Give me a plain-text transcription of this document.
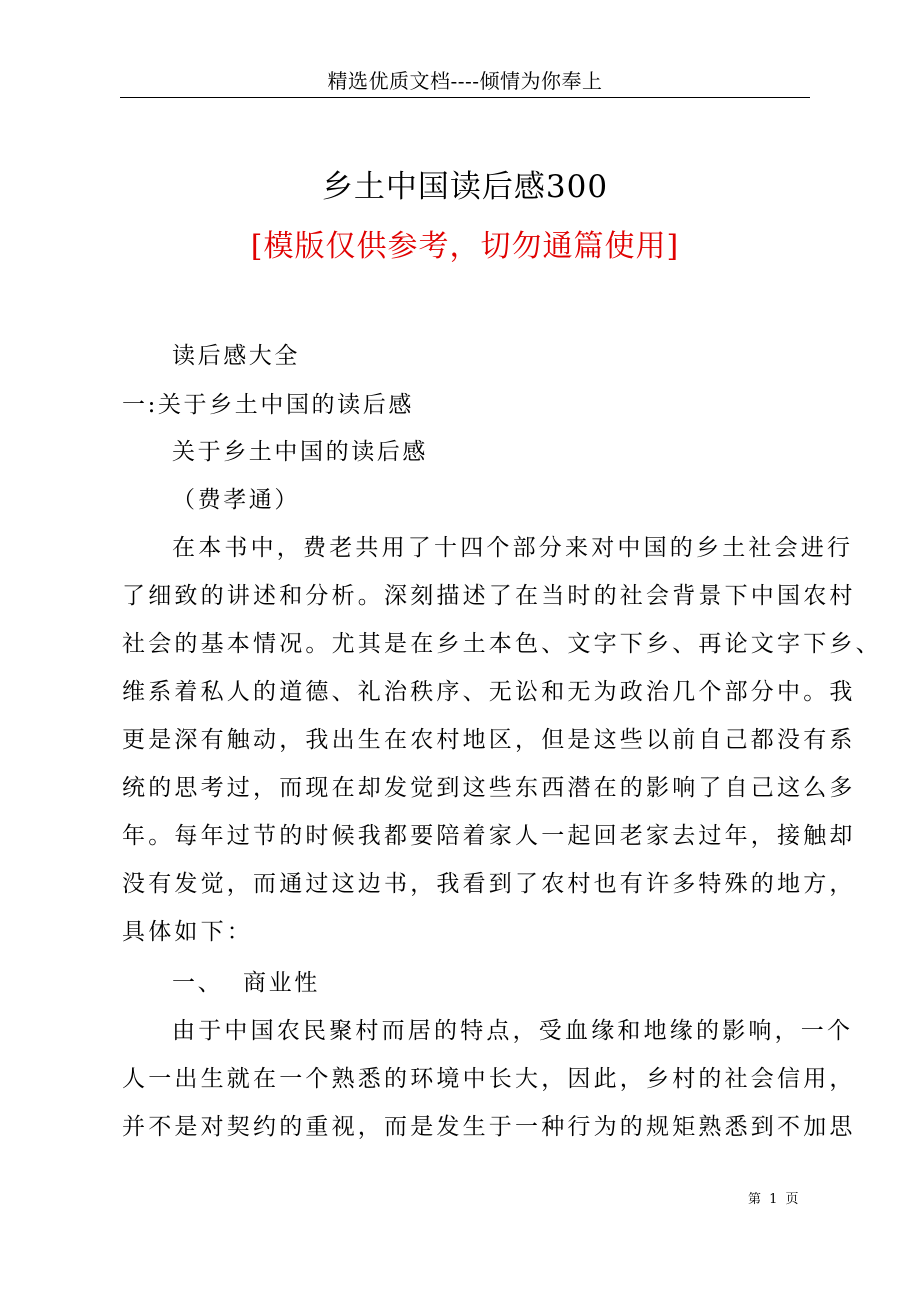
精选优质文档----倾情为你奉上
乡土中国读后感300
[模版仅供参考，切勿通篇使用]
读后感大全
一:关于乡土中国的读后感
关于乡土中国的读后感
（费孝通）
在本书中，费老共用了十四个部分来对中国的乡土社会进行
了细致的讲述和分析。深刻描述了在当时的社会背景下中国农村
社会的基本情况。尤其是在乡土本色、文字下乡、再论文字下乡、
维系着私人的道德、礼治秩序、无讼和无为政治几个部分中。我
更是深有触动，我出生在农村地区，但是这些以前自己都没有系
统的思考过，而现在却发觉到这些东西潜在的影响了自己这么多
年。每年过节的时候我都要陪着家人一起回老家去过年，接触却
没有发觉，而通过这边书，我看到了农村也有许多特殊的地方，
具体如下：
一、  商业性
由于中国农民聚村而居的特点，受血缘和地缘的影响，一个
人一出生就在一个熟悉的环境中长大，因此，乡村的社会信用，
并不是对契约的重视，而是发生于一种行为的规矩熟悉到不加思
第 1 页
